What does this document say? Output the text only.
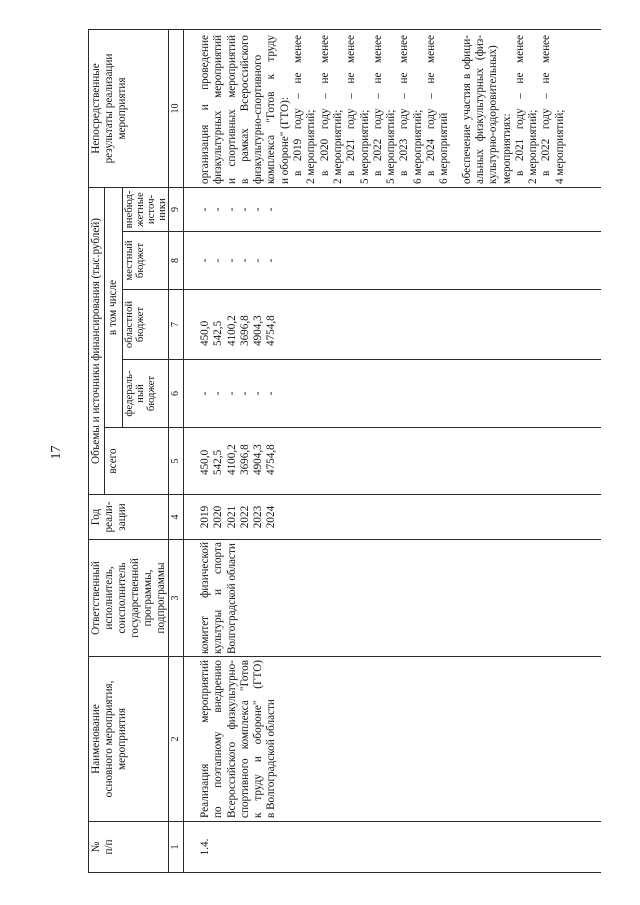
17
№
п/п
Наименование
основного мероприятия,
мероприятия
Ответственный
исполнитель,
соисполнитель
государственной
программы,
подпрограммы
Год
реали-
зации
Объемы и источники финансирования (тыс.рублей) всего
в том числе
федераль-
ный
бюджет
областной
бюджет
местный
бюджет
внебюд-
жетные
источ-
ники
Непосредственные
результаты реализации
мероприятия
1
2
3
4
5
6
7
8
9
10
1.4.
Реализация мероприятий по поэтапному внедрению Всероссийского физкультурно- спортивного комплекса "Готов к труду и обороне" (ГТО) в Волгоградской области
комитет физической культуры и спорта Волгоградской области
2019 2020 2021 2022 2023 2024
450,0 542,5 4100,2 3696,8 4904,3 4754,8
- - - - - -
450,0 542,5 4100,2 3696,8 4904,3 4754,8
- - - - - -
- - - - - -
организация и проведение физкультурных мероприятий и спортивных мероприятий в рамках Всероссийского физкультурно-спортивного комплекса "Готов к труду и обороне" (ГТО): в 2019 году – не менее 2 мероприятий; в 2020 году – не менее 2 мероприятий; в 2021 году – не менее 5 мероприятий; в 2022 году – не менее 5 мероприятий; в 2023 году – не менее 6 мероприятий; в 2024 году – не менее 6 мероприятий обеспечение участия в офици- альных физкультурных (физ- культурно-оздоровительных) мероприятиях: в 2021 году – не менее 2 мероприятий; в 2022 году – не менее 4 мероприятий;
